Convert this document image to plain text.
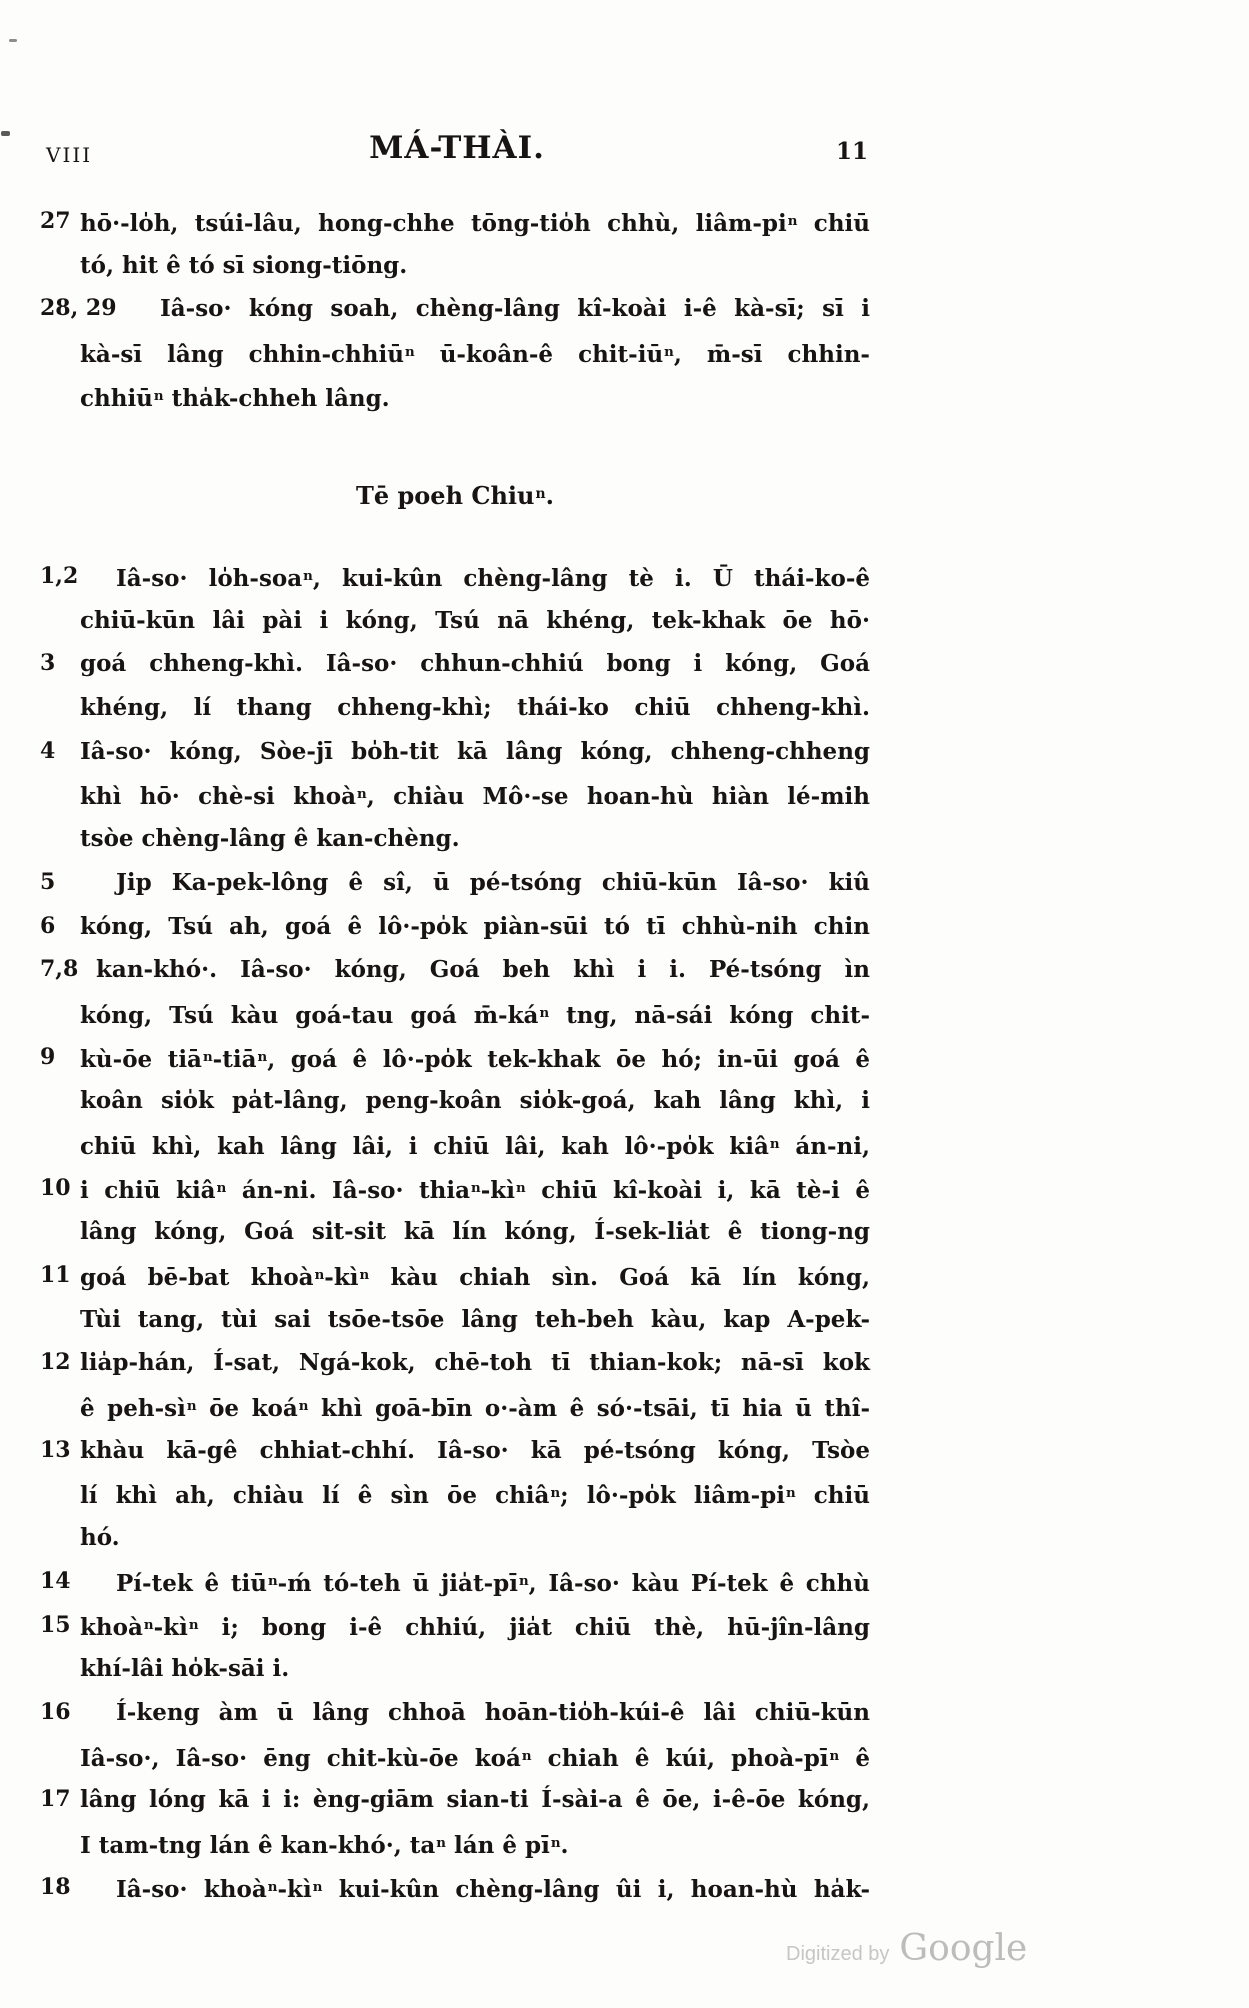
VIII	MÁ-THÀI.	11
27 hō·-lo̍h, tsúi-lâu, hong-chhe tōng-tio̍h chhù, liâm-$pi^n$ chiū
tó, hit ê tó sī siong-tiōng.
28, 29 Iâ-so· kóng soah, chèng-lâng kî-koài i-ê kà-sī; sī i
kà-sī lâng chhin-chhiū$^n$ ū-koân-ê chit-$iū^n$, m̄-sī chhin-
chhiū$^n$ tha̍k-chheh lâng.
Tē poeh Chiu$^n$.
1,2 Iâ-so· lo̍h-soa$^n$, kui-kûn chèng-lâng tè i. Ū thái-ko-ê
chiū-kūn lâi pài i kóng, Tsú nā khéng, tek-khak ōe hō·
3 goá chheng-khì. Iâ-so· chhun-chhiú bong i kóng, Goá
khéng, lí thang chheng-khì; thái-ko chiū chheng-khì.
4 Iâ-so· kóng, Sòe-jī bo̍h-tit kā lâng kóng, chheng-chheng
khì hō· chè-si khoà$^n$, chiàu Mô·-se hoan-hù hiàn lé-mih
tsòe chèng-lâng ê kan-chèng.
5	Jip Ka-pek-lông ê sî, ū pé-tsóng chiū-kūn Iâ-so· kiû
6 kóng, Tsú ah, goá ê lô·-po̍k piàn-sūi tó tī chhù-nih chin
7,8 kan-khó·. Iâ-so· kóng, Goá beh khì i i. Pé-tsóng ìn
kóng, Tsú kàu goá-tau goá $m̄-ká^n$ tng, nā-sái kóng chit-
9 kù-ōe tiā$^n$-tiā$^n$, goá ê lô·-po̍k tek-khak ōe hó; in-ūi goá ê
koân sio̍k pa̍t-lâng, peng-koân sio̍k-goá, kah lâng khì, i
chiū khì, kah lâng lâi, i chiū lâi, kah lô·-po̍k kiâ$^n$ án-ni,
10 i chiū kiâ$^n$ án-ni. Iâ-so· $thia^n-kì^n$ chiū kî-koài i, kā tè-i ê
lâng kóng, Goá sit-sit kā lín kóng, Í-sek-lia̍t ê tiong-ng
11 goá bē-bat $khoà^n-kì^n$ kàu chiah sìn. Goá kā lín kóng,
Tùi tang, tùi sai tsōe-tsōe lâng teh-beh kàu, kap A-pek-
12 lia̍p-hán, Í-sat, Ngá-kok, chē-toh tī thian-kok; nā-sī kok
ê peh-$sì^n$ ōe koá$^n$ khì goā-bīn o·-àm ê só·-tsāi, tī hia ū thî-
13 khàu kā-gê chhiat-chhí. Iâ-so· kā pé-tsóng kóng, Tsòe
lí khì ah, chiàu lí ê sìn ōe chiâ$^n$; lô·-po̍k liâm-$pi^n$ chiū
hó.
14 Pí-tek ê tiū$^n$-ḿ tó-teh ū $jia̍t-pī^n$, Iâ-so· kàu Pí-tek ê chhù
15 $khoà^n-kì^n$ i; bong i-ê chhiú, jia̍t chiū thè, hū-jîn-lâng
khí-lâi ho̍k-sāi i.
16 Í-keng àm ū lâng chhoā hoān-tio̍h-kúi-ê lâi chiū-kūn
Iâ-so·, Iâ-so· ēng chit-kù-ōe koá$^n$ chiah ê kúi, phoà-$pī^n$ ê
17 lâng lóng kā i i: èng-giām sian-ti Í-sài-a ê ōe, i-ê-ōe kóng,
I tam-tng lán ê kan-khó·, $ta^n$ lán ê $pī^n$.
18 Iâ-so· $khoà^n-kì^n$ kui-kûn chèng-lâng ûi i, hoan-hù ha̍k-
Digitized by Google
